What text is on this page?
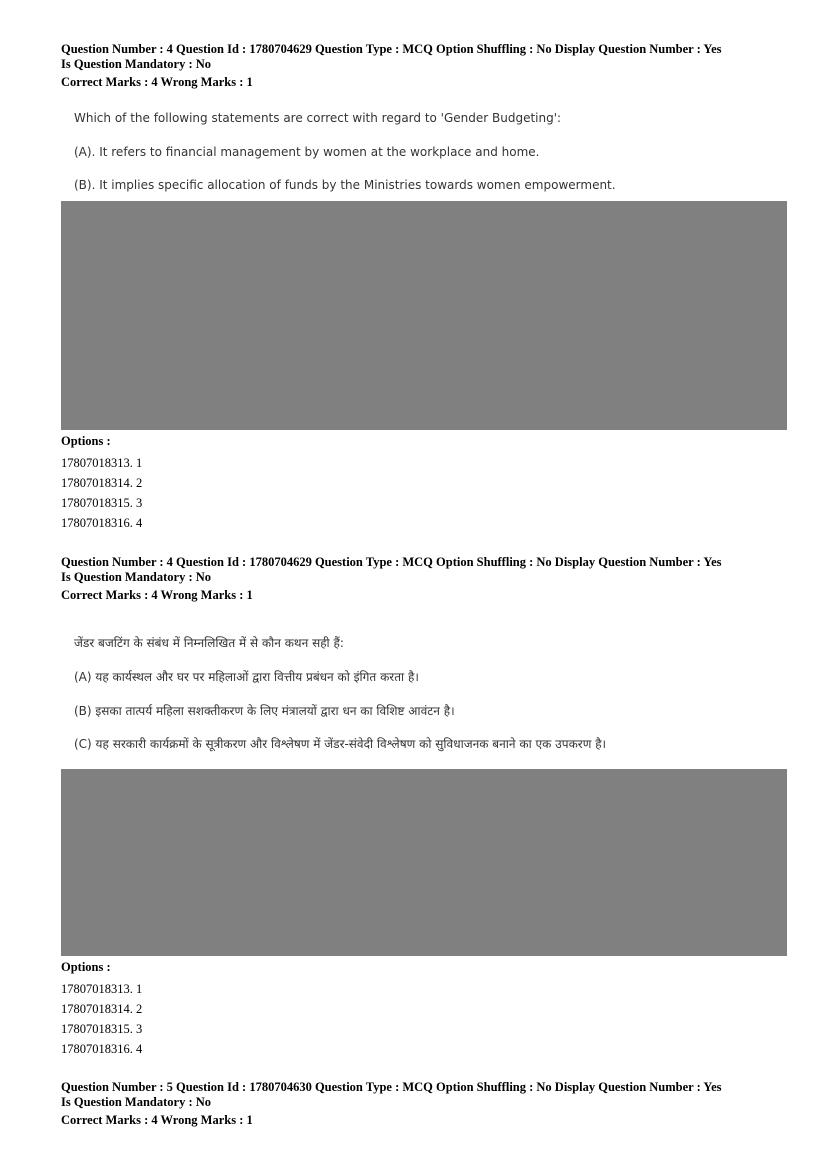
Question Number : 4 Question Id : 1780704629 Question Type : MCQ Option Shuffling : No Display Question Number : Yes
Is Question Mandatory : No
Correct Marks : 4 Wrong Marks : 1
Which of the following statements are correct with regard to 'Gender Budgeting':
(A). It refers to financial management by women at the workplace and home.
(B). It implies specific allocation of funds by the Ministries towards women empowerment.
Options :
17807018313. 1
17807018314. 2
17807018315. 3
17807018316. 4
Question Number : 4 Question Id : 1780704629 Question Type : MCQ Option Shuffling : No Display Question Number : Yes
Is Question Mandatory : No
Correct Marks : 4 Wrong Marks : 1
जेंडर बजटिंग के संबंध में निम्नलिखित में से कौन कथन सही हैं:
(A) यह कार्यस्थल और घर पर महिलाओं द्वारा वित्तीय प्रबंधन को इंगित करता है।
(B) इसका तात्पर्य महिला सशक्तीकरण के लिए मंत्रालयों द्वारा धन का विशिष्ट आवंटन है।
(C) यह सरकारी कार्यक्रमों के सूत्रीकरण और विश्लेषण में जेंडर-संवेदी विश्लेषण को सुविधाजनक बनाने का एक उपकरण है।
Options :
17807018313. 1
17807018314. 2
17807018315. 3
17807018316. 4
Question Number : 5 Question Id : 1780704630 Question Type : MCQ Option Shuffling : No Display Question Number : Yes
Is Question Mandatory : No
Correct Marks : 4 Wrong Marks : 1
